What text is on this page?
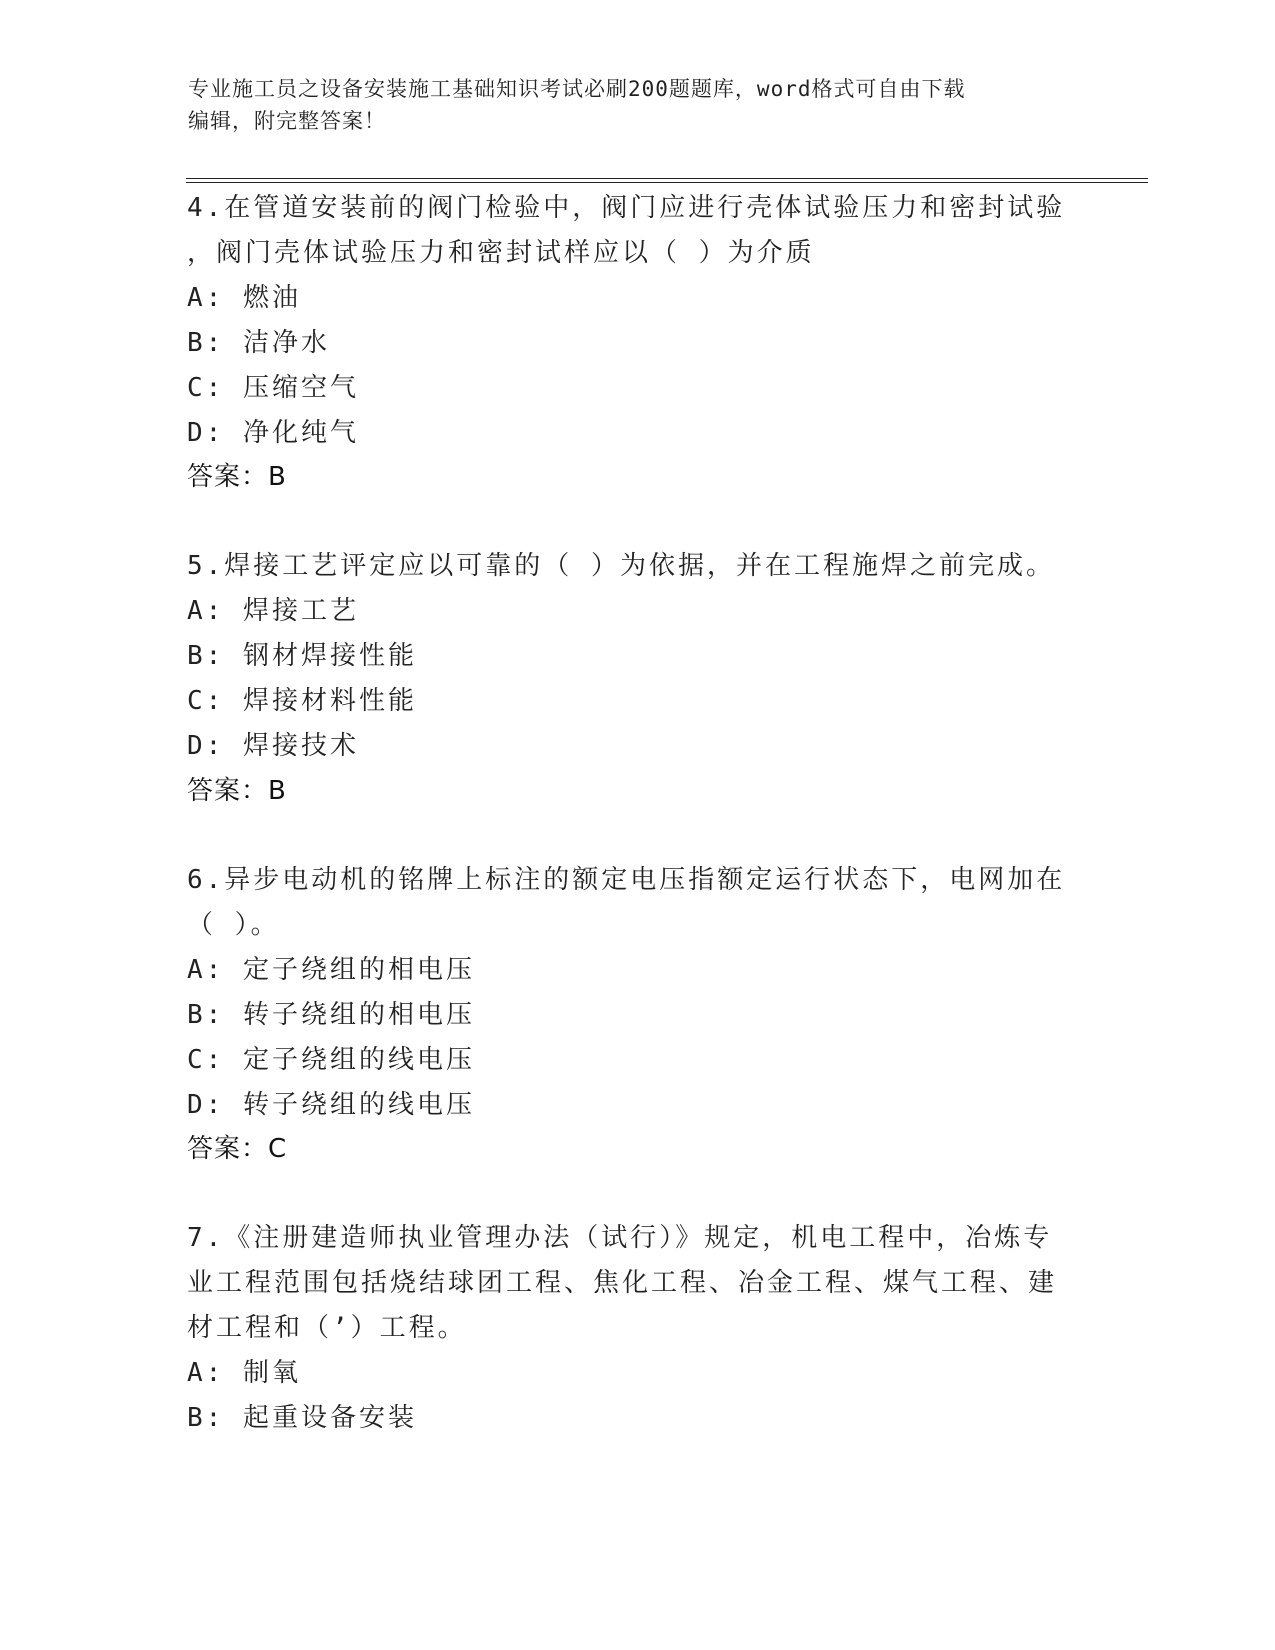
专业施工员之设备安装施工基础知识考试必刷200题题库，word格式可自由下载
编辑，附完整答案！
4.在管道安装前的阀门检验中，阀门应进行壳体试验压力和密封试验
，阀门壳体试验压力和密封试样应以（ ）为介质
A: 燃油
B: 洁净水
C: 压缩空气
D: 净化纯气
答案：B
5.焊接工艺评定应以可靠的（ ）为依据，并在工程施焊之前完成。
A: 焊接工艺
B: 钢材焊接性能
C: 焊接材料性能
D: 焊接技术
答案：B
6.异步电动机的铭牌上标注的额定电压指额定运行状态下，电网加在
（ ）。
A: 定子绕组的相电压
B: 转子绕组的相电压
C: 定子绕组的线电压
D: 转子绕组的线电压
答案：C
7.《注册建造师执业管理办法（试行）》规定，机电工程中，冶炼专
业工程范围包括烧结球团工程、焦化工程、冶金工程、煤气工程、建
材工程和（’）工程。
A: 制氧
B: 起重设备安装
